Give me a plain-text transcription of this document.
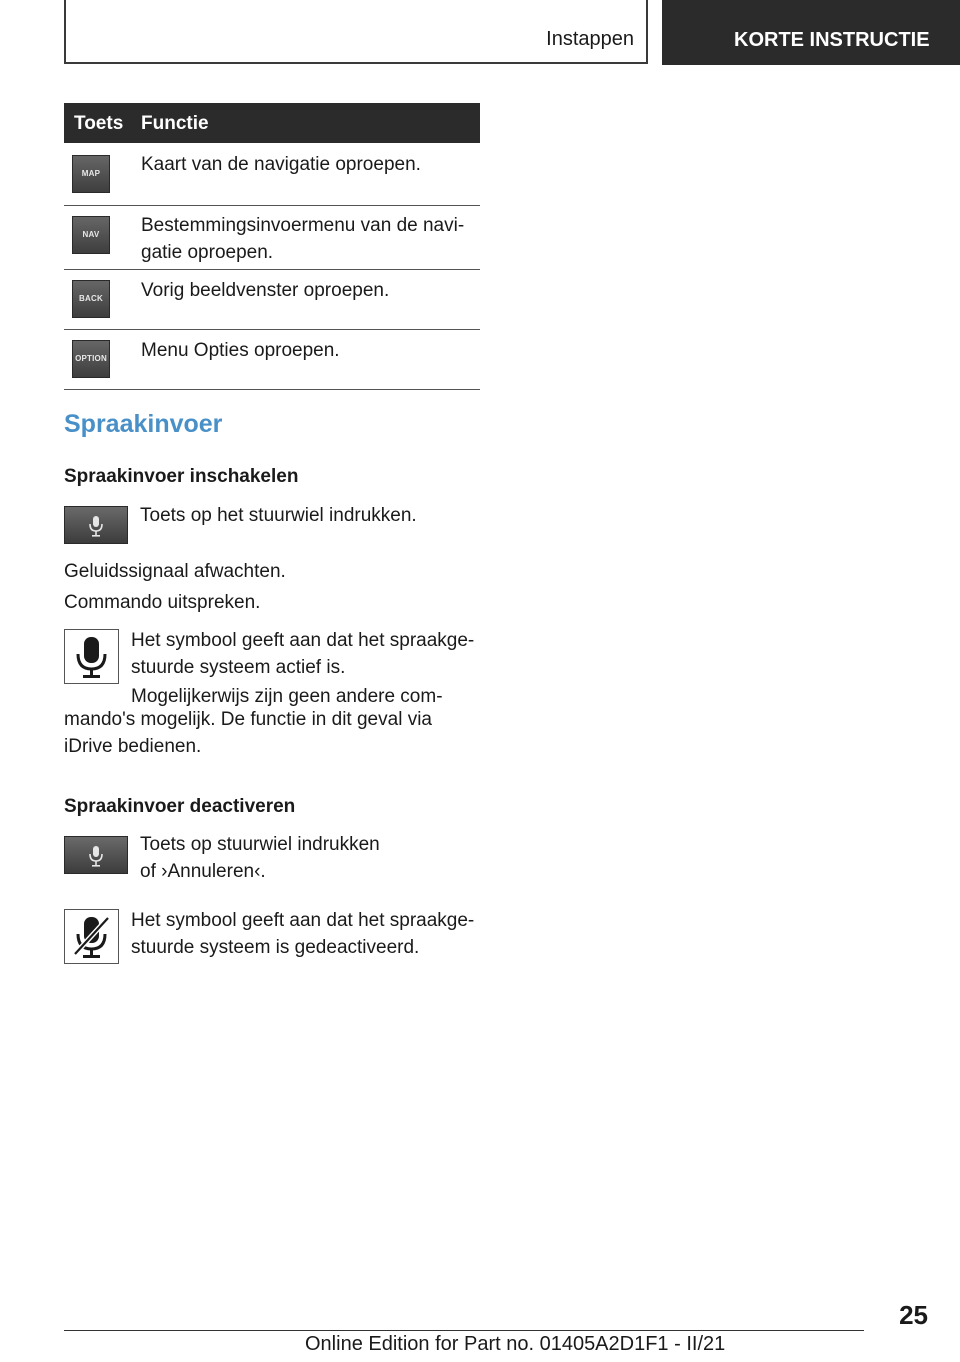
Instappen	KORTE INSTRUCTIE
Toets Functie
MAP	Kaart van de navigatie oproepen.
NAV	Bestemmingsinvoermenu van de navi-
gatie oproepen.
BACK	Vorig beeldvenster oproepen.
OPTION Menu Opties oproepen.
Spraakinvoer
Spraakinvoer inschakelen
Toets op het stuurwiel indrukken.
Geluidssignaal afwachten.
Commando uitspreken.
Het symbool geeft aan dat het spraakge-
stuurde systeem actief is.
Mogelijkerwijs zijn geen andere com-
mando's mogelijk. De functie in dit geval via
iDrive bedienen.
Spraakinvoer deactiveren
Toets op stuurwiel indrukken
of ›Annuleren‹.
Het symbool geeft aan dat het spraakge-
stuurde systeem is gedeactiveerd.
25
Online Edition for Part no. 01405A2D1F1 - II/21
